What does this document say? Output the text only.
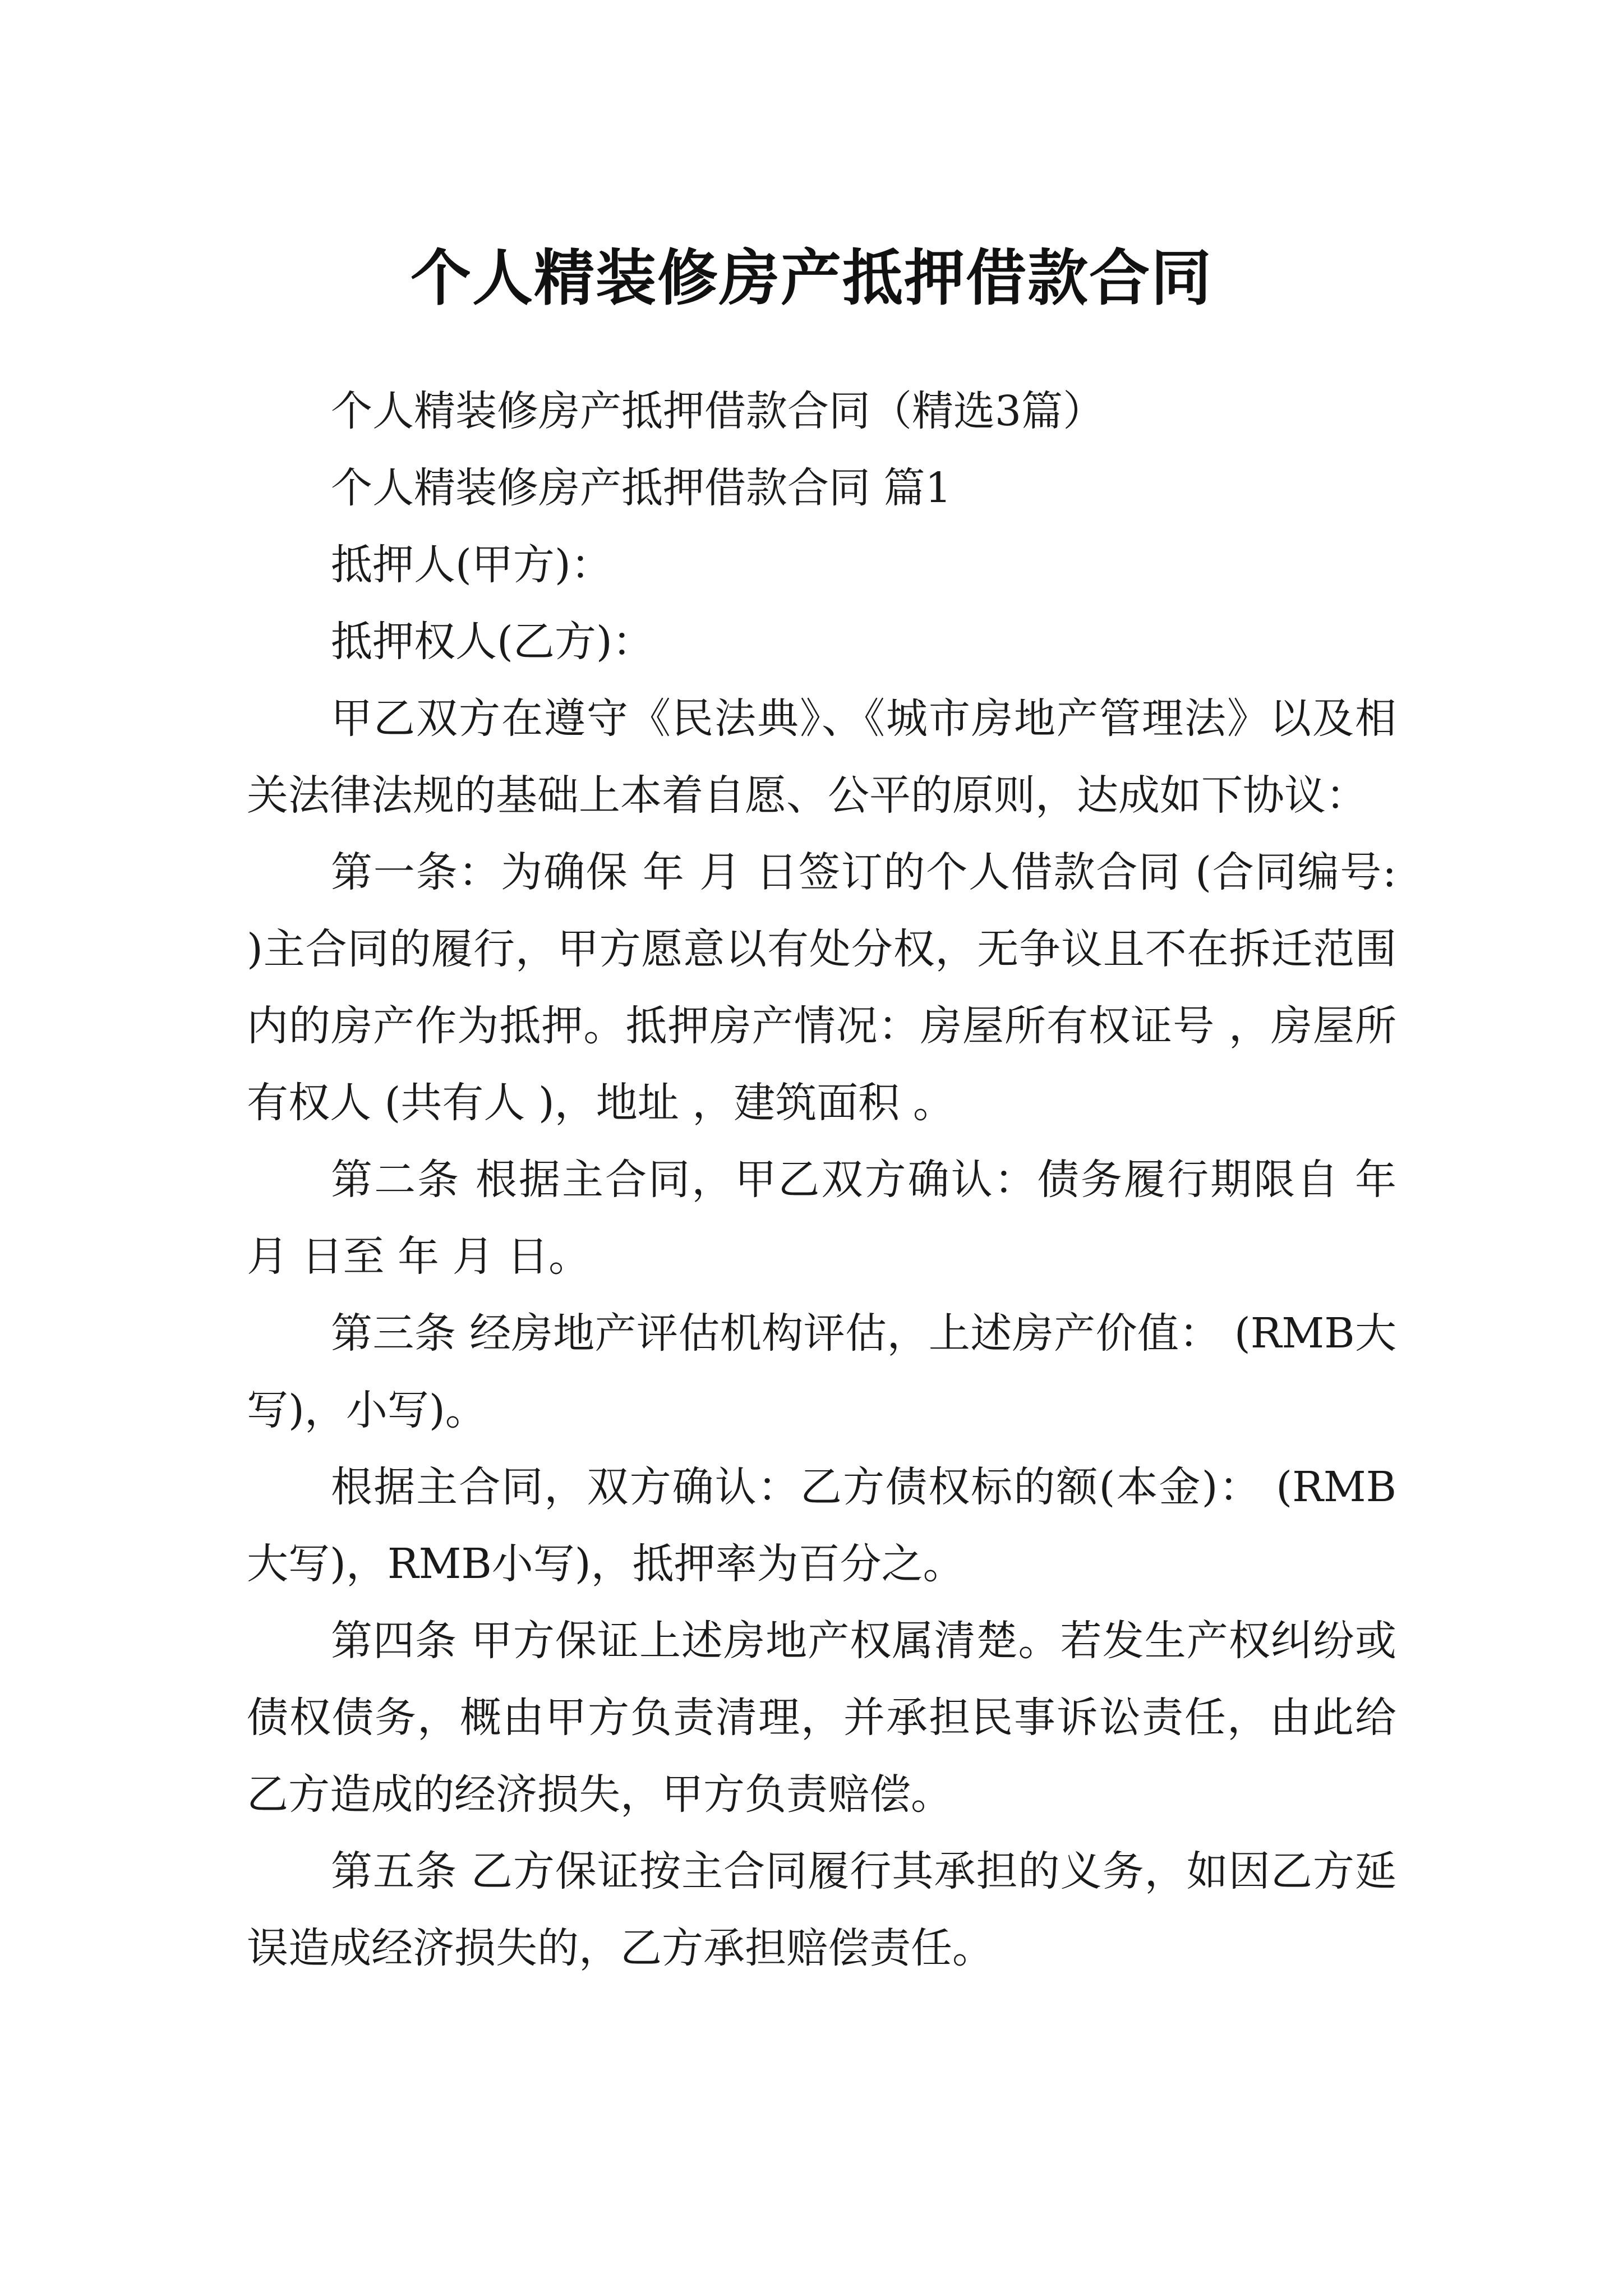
个人精装修房产抵押借款合同

个人精装修房产抵押借款合同（精选3篇）

个人精装修房产抵押借款合同 篇1

抵押人(甲方)：

抵押权人(乙方)：

甲乙双方在遵守《民法典》、《城市房地产管理法》以及相关法律法规的基础上本着自愿、公平的原则，达成如下协议：

第一条：为确保 年 月 日签订的个人借款合同 (合同编号: )主合同的履行，甲方愿意以有处分权，无争议且不在拆迁范围内的房产作为抵押。抵押房产情况：房屋所有权证号 ，房屋所有权人 (共有人 )，地址 ，建筑面积 。

第二条 根据主合同，甲乙双方确认：债务履行期限自 年 月 日至 年 月 日。

第三条 经房地产评估机构评估，上述房产价值： (RMB大写)，小写)。

根据主合同，双方确认：乙方债权标的额(本金)： (RMB大写)，RMB小写)，抵押率为百分之。

第四条 甲方保证上述房地产权属清楚。若发生产权纠纷或债权债务，概由甲方负责清理，并承担民事诉讼责任，由此给乙方造成的经济损失，甲方负责赔偿。

第五条 乙方保证按主合同履行其承担的义务，如因乙方延误造成经济损失的，乙方承担赔偿责任。
